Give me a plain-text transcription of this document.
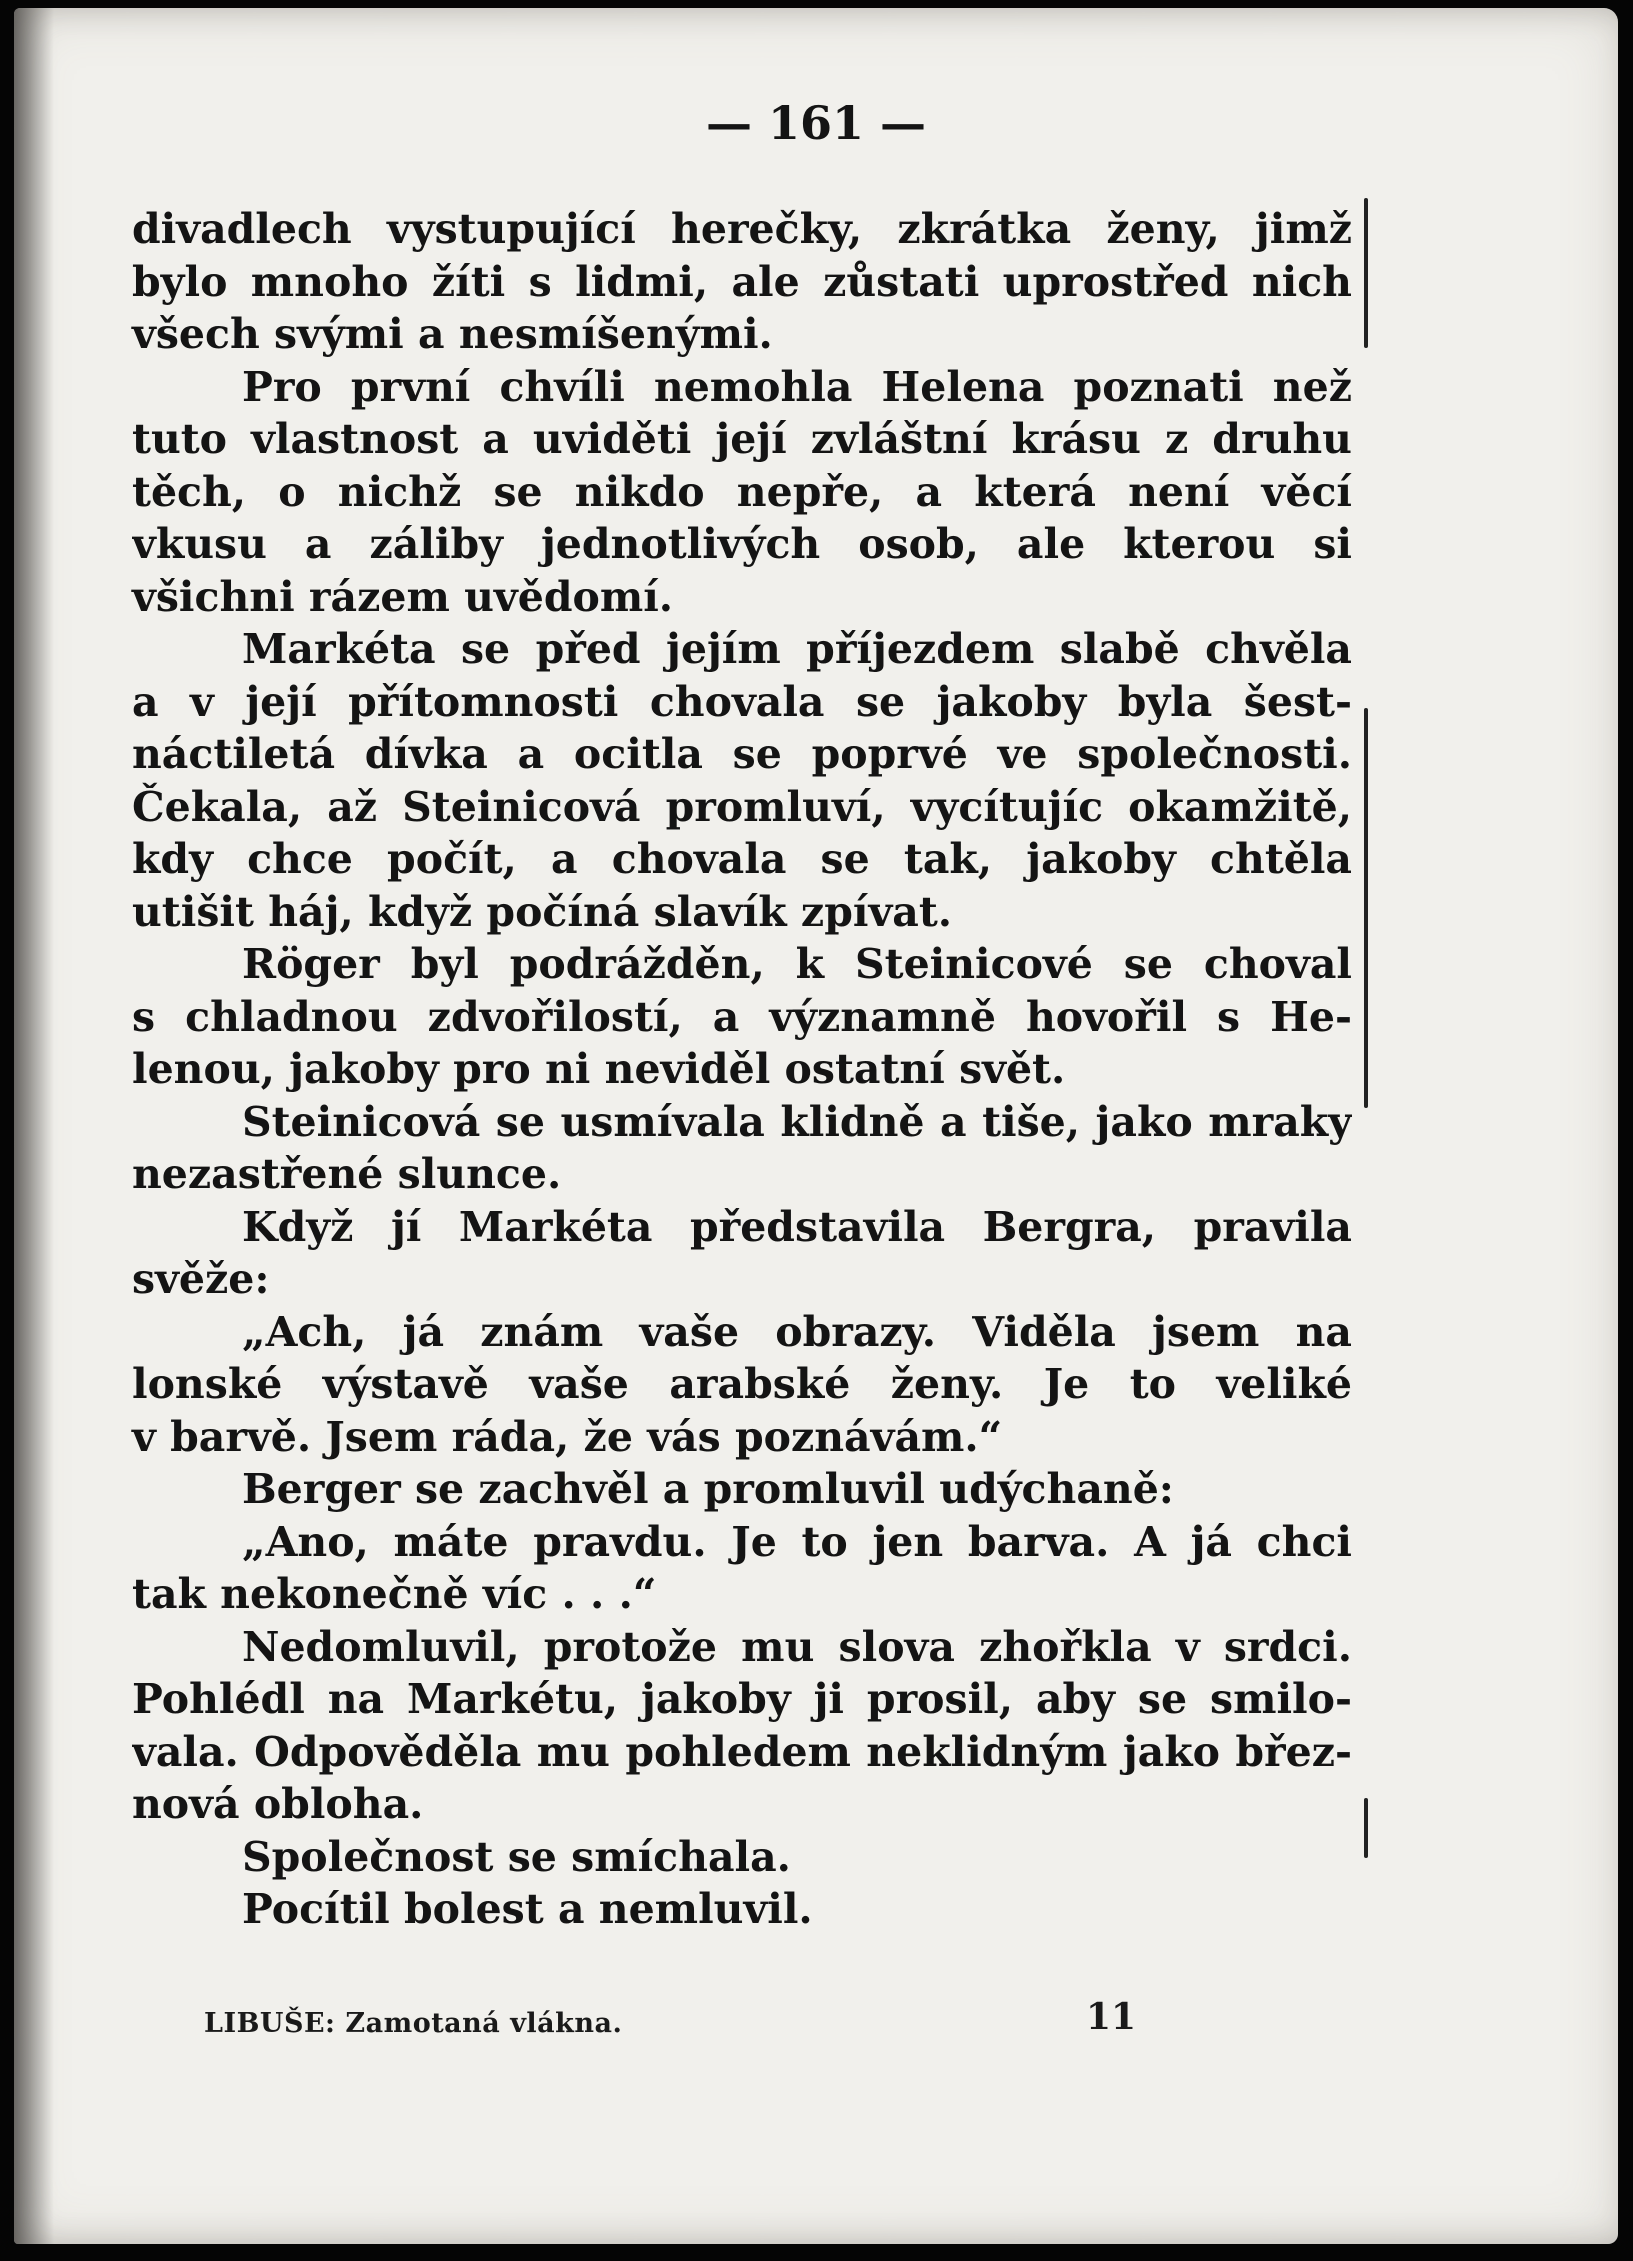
— 161 —
divadlech vystupující herečky, zkrátka ženy, jimž
bylo mnoho žíti s lidmi, ale zůstati uprostřed nich
všech svými a nesmíšenými.
Pro první chvíli nemohla Helena poznati než
tuto vlastnost a uviděti její zvláštní krásu z druhu
těch, o nichž se nikdo nepře, a která není věcí
vkusu a záliby jednotlivých osob, ale kterou si
všichni rázem uvědomí.
Markéta se před jejím příjezdem slabě chvěla
a v její přítomnosti chovala se jakoby byla šest-
náctiletá dívka a ocitla se poprvé ve společnosti.
Čekala, až Steinicová promluví, vycítujíc okamžitě,
kdy chce počít, a chovala se tak, jakoby chtěla
utišit háj, když počíná slavík zpívat.
Röger byl podrážděn, k Steinicové se choval
s chladnou zdvořilostí, a významně hovořil s He-
lenou, jakoby pro ni neviděl ostatní svět.
Steinicová se usmívala klidně a tiše, jako mraky
nezastřené slunce.
Když jí Markéta představila Bergra, pravila
svěže:
„Ach, já znám vaše obrazy. Viděla jsem na
lonské výstavě vaše arabské ženy. Je to veliké
v barvě. Jsem ráda, že vás poznávám.“
Berger se zachvěl a promluvil udýchaně:
„Ano, máte pravdu. Je to jen barva. A já chci
tak nekonečně víc . . .“
Nedomluvil, protože mu slova zhořkla v srdci.
Pohlédl na Markétu, jakoby ji prosil, aby se smilo-
vala. Odpověděla mu pohledem neklidným jako břez-
nová obloha.
Společnost se smíchala.
Pocítil bolest a nemluvil.
LIBUŠE: Zamotaná vlákna.	11
